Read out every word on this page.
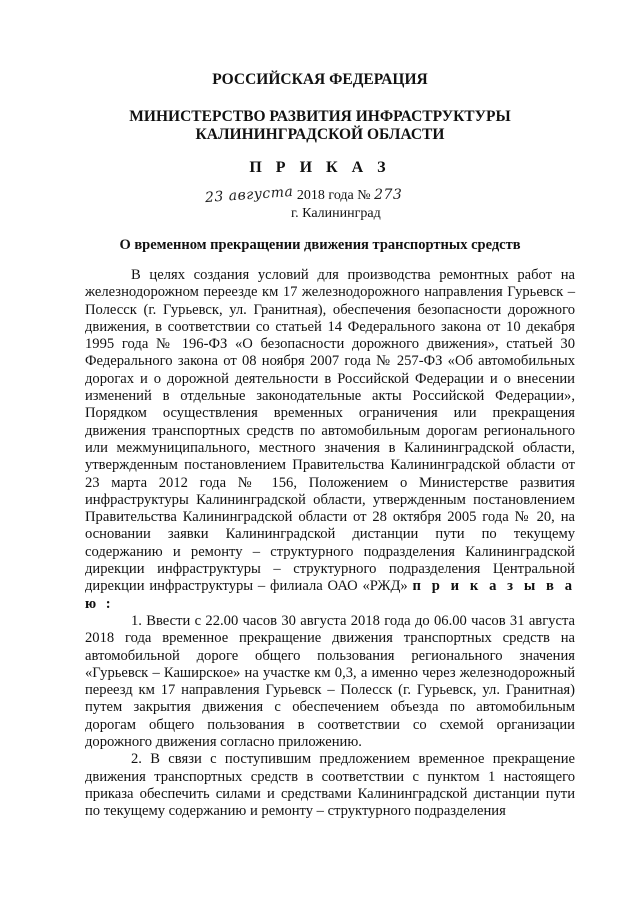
РОССИЙСКАЯ ФЕДЕРАЦИЯ
МИНИСТЕРСТВО РАЗВИТИЯ ИНФРАСТРУКТУРЫ
КАЛИНИНГРАДСКОЙ ОБЛАСТИ
П Р И К А З
23 августа 2018 года № 273
г. Калининград
О временном прекращении движения транспортных средств

В целях создания условий для производства ремонтных работ на железнодорожном переезде км 17 железнодорожного направления Гурьевск – Полесск (г. Гурьевск, ул. Гранитная), обеспечения безопасности дорожного движения, в соответствии со статьей 14 Федерального закона от 10 декабря 1995 года № 196-ФЗ «О безопасности дорожного движения», статьей 30 Федерального закона от 08 ноября 2007 года № 257-ФЗ «Об автомобильных дорогах и о дорожной деятельности в Российской Федерации и о внесении изменений в отдельные законодательные акты Российской Федерации», Порядком осуществления временных ограничения или прекращения движения транспортных средств по автомобильным дорогам регионального или межмуниципального, местного значения в Калининградской области, утвержденным постановлением Правительства Калининградской области от 23 марта 2012 года № 156, Положением о Министерстве развития инфраструктуры Калининградской области, утвержденным постановлением Правительства Калининградской области от 28 октября 2005 года № 20, на основании заявки Калининградской дистанции пути по текущему содержанию и ремонту – структурного подразделения Калининградской дирекции инфраструктуры – структурного подразделения Центральной дирекции инфраструктуры – филиала ОАО «РЖД» п р и к а з ы в а ю :

1. Ввести с 22.00 часов 30 августа 2018 года до 06.00 часов 31 августа 2018 года временное прекращение движения транспортных средств на автомобильной дороге общего пользования регионального значения «Гурьевск – Каширское» на участке км 0,3, а именно через железнодорожный переезд км 17 направления Гурьевск – Полесск (г. Гурьевск, ул. Гранитная) путем закрытия движения с обеспечением объезда по автомобильным дорогам общего пользования в соответствии со схемой организации дорожного движения согласно приложению.

2. В связи с поступившим предложением временное прекращение движения транспортных средств в соответствии с пунктом 1 настоящего приказа обеспечить силами и средствами Калининградской дистанции пути по текущему содержанию и ремонту – структурного подразделения
